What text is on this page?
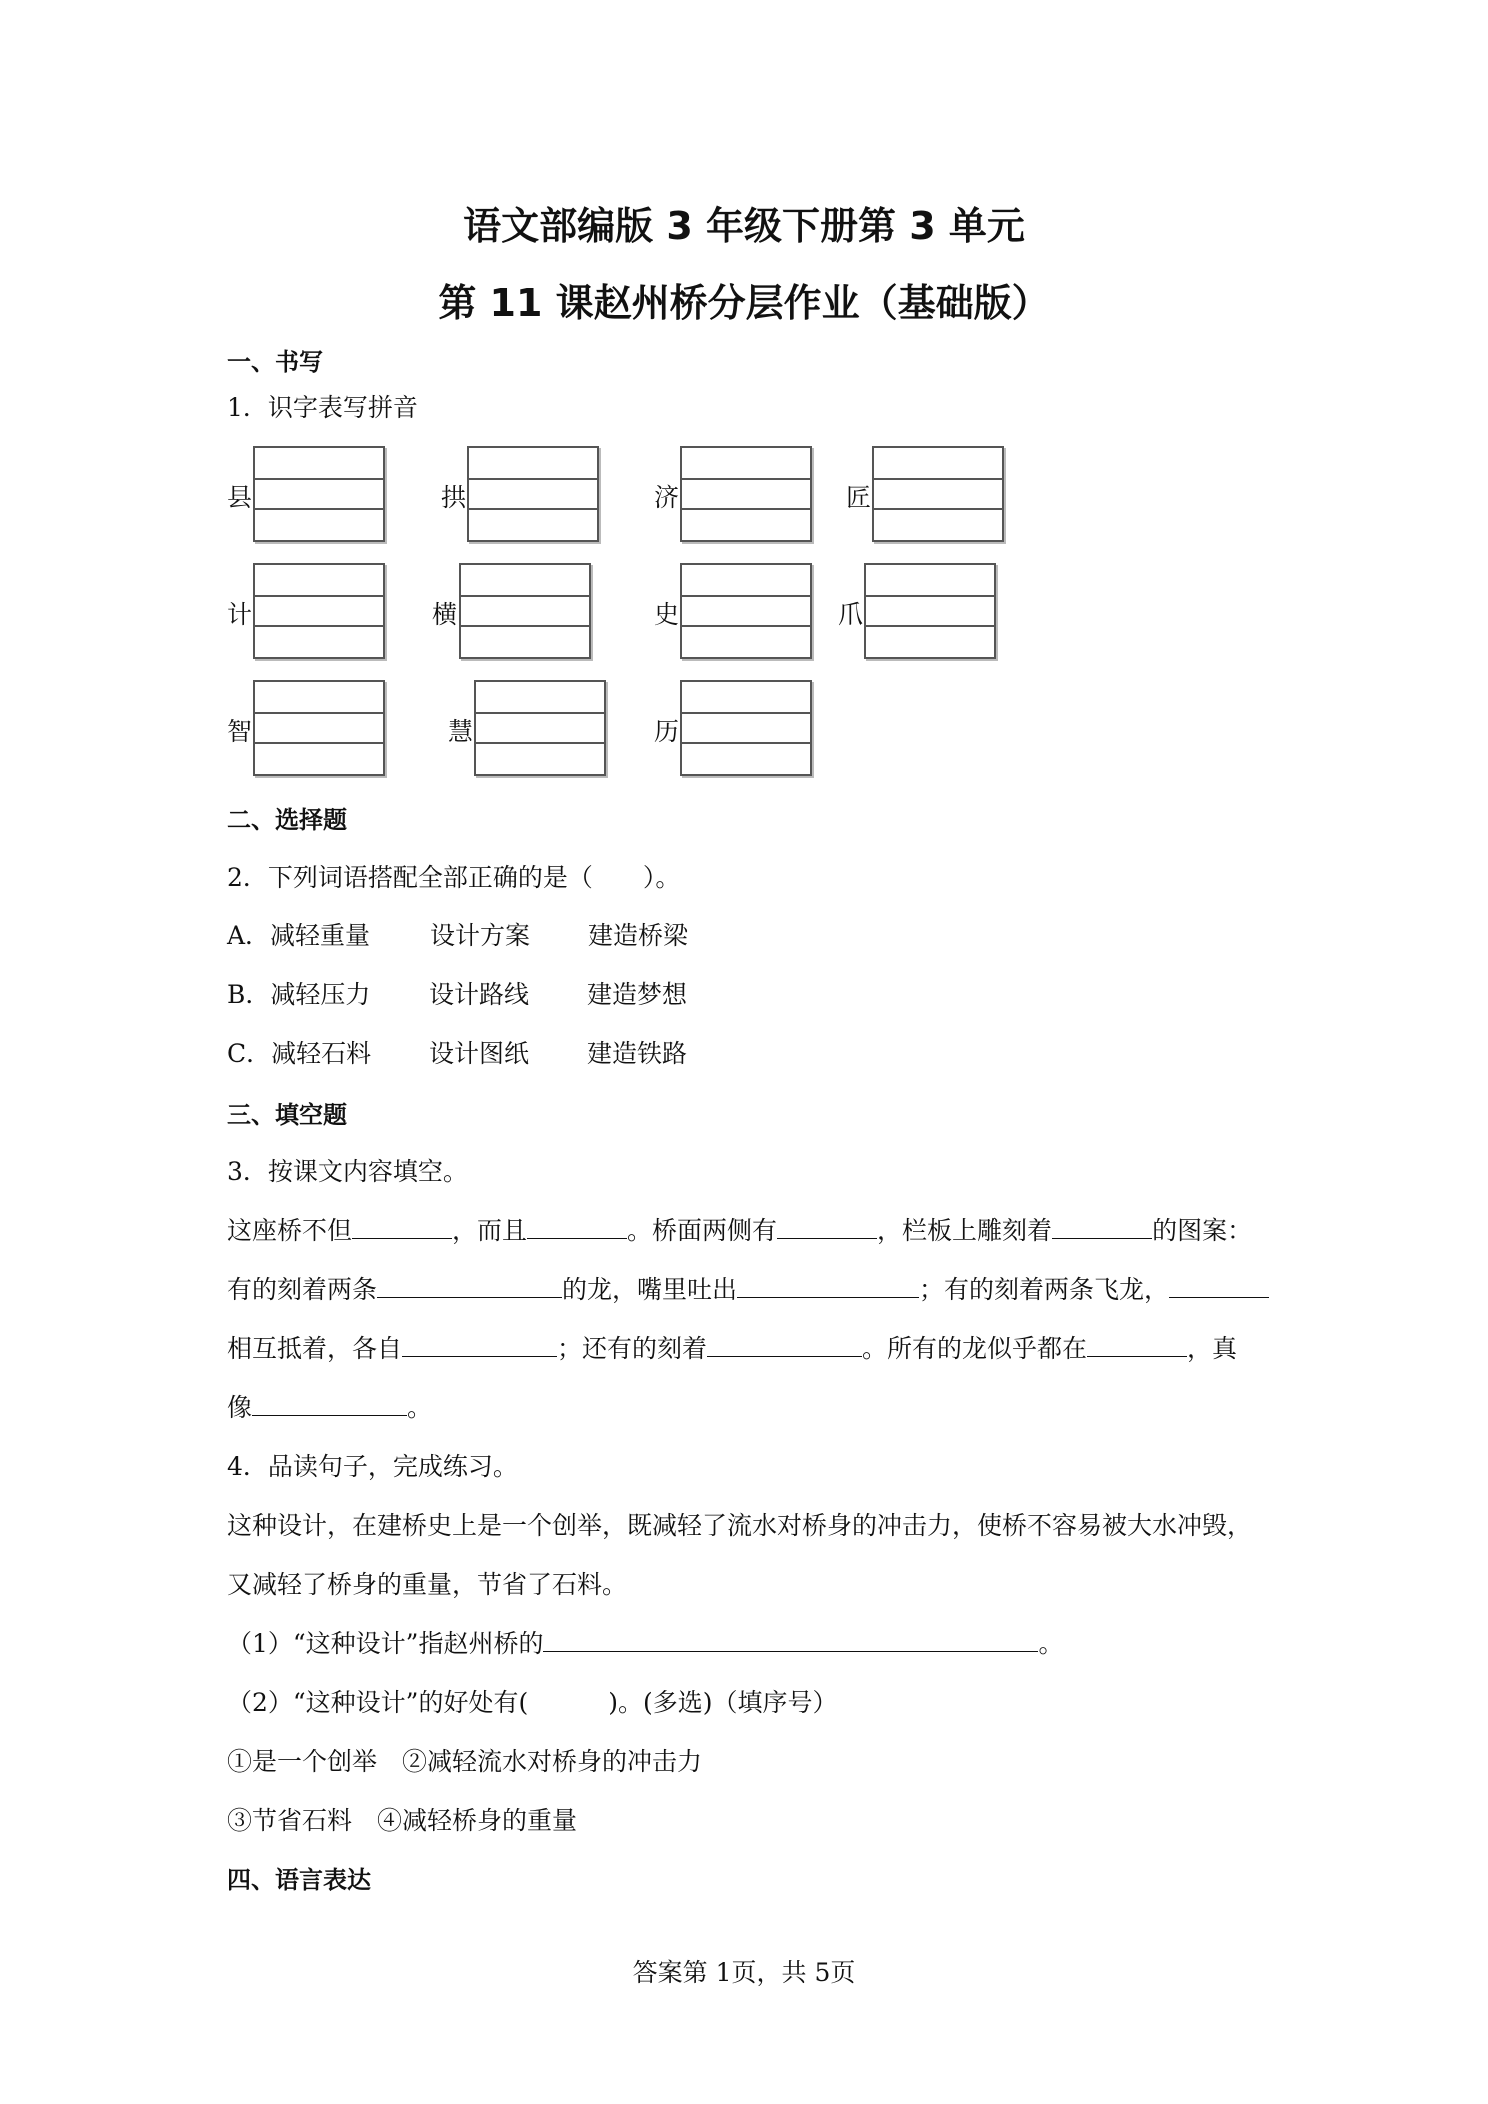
语文部编版 3 年级下册第 3 单元
第 11 课赵州桥分层作业（基础版）
一、书写
1．识字表写拼音
县	拱	济	匠
计	横	史	爪
智	慧	历
二、选择题
2．下列词语搭配全部正确的是（　　）。
A．减轻重量 设计方案 建造桥梁
B．减轻压力 设计路线 建造梦想
C．减轻石料 设计图纸 建造铁路
三、填空题
3．按课文内容填空。
这座桥不但	，而且	。桥面两侧有	，栏板上雕刻着	的图案：
有的刻着两条	的龙，嘴里吐出	；有的刻着两条飞龙，
相互抵着，各自	；还有的刻着	。所有的龙似乎都在	，真
像	。
4．品读句子，完成练习。
这种设计，在建桥史上是一个创举，既减轻了流水对桥身的冲击力，使桥不容易被大水冲毁，
又减轻了桥身的重量，节省了石料。
（1）“这种设计”指赵州桥的	。
（2）“这种设计”的好处有(	)。(多选)（填序号）
①是一个创举　②减轻流水对桥身的冲击力
③节省石料　④减轻桥身的重量
四、语言表达
答案第 1页，共 5页
